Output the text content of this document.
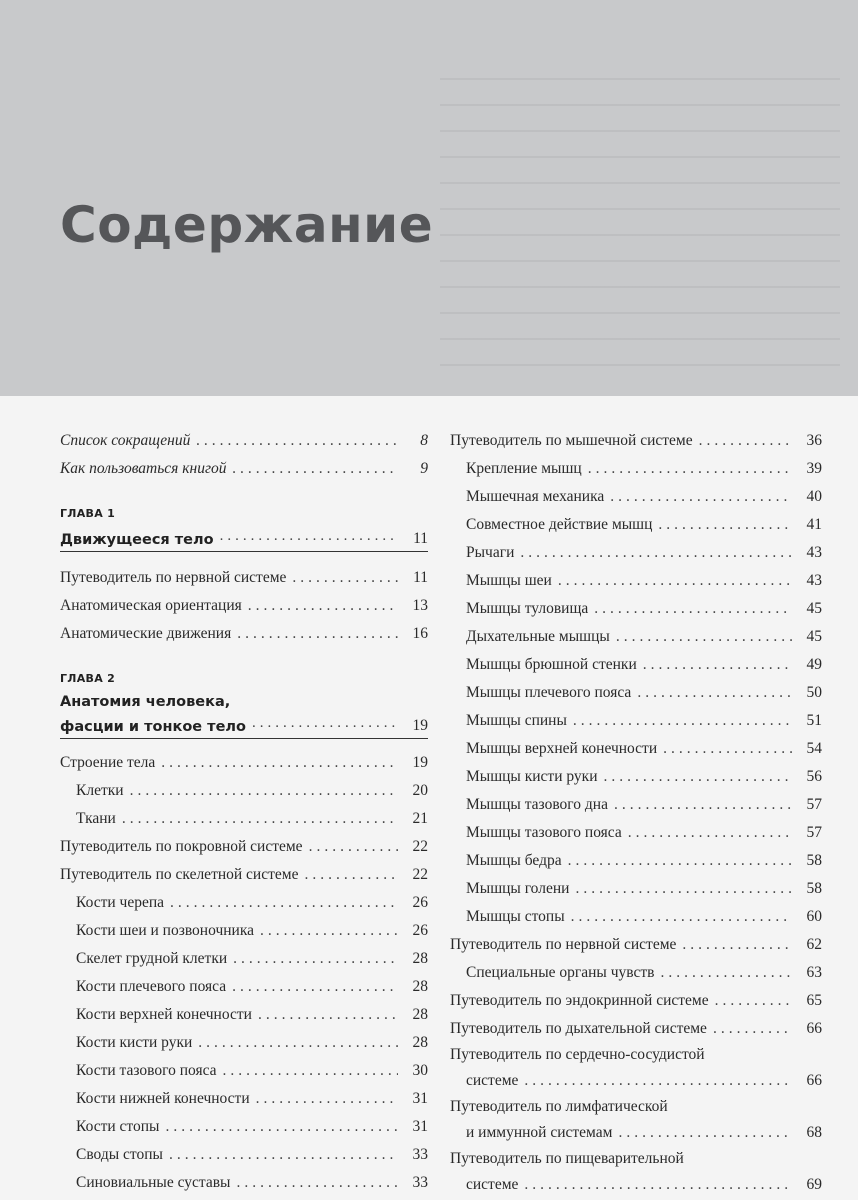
Содержание
Список сокращений .....	8
Как пользоваться книгой .....	9
ГЛАВА 1
Движущееся тело .....	11
Путеводитель по нервной системе .....	11
Анатомическая ориентация .....	13
Анатомические движения .....	16
ГЛАВА 2
Анатомия человека,
фасции и тонкое тело .....	19
Строение тела .....	19
Клетки .....	20
Ткани .....	21
Путеводитель по покровной системе .....	22
Путеводитель по скелетной системе .....	22
Кости черепа .....	26
Кости шеи и позвоночника .....	26
Скелет грудной клетки .....	28
Кости плечевого пояса .....	28
Кости верхней конечности .....	28
Кости кисти руки .....	28
Кости тазового пояса .....	30
Кости нижней конечности .....	31
Кости стопы .....	31
Своды стопы .....	33
Синовиальные суставы .....	33
Путеводитель по мышечной системе .....	36
Крепление мышц .....	39
Мышечная механика .....	40
Совместное действие мышц .....	41
Рычаги .....	43
Мышцы шеи .....	43
Мышцы туловища .....	45
Дыхательные мышцы .....	45
Мышцы брюшной стенки .....	49
Мышцы плечевого пояса .....	50
Мышцы спины .....	51
Мышцы верхней конечности .....	54
Мышцы кисти руки .....	56
Мышцы тазового дна .....	57
Мышцы тазового пояса .....	57
Мышцы бедра .....	58
Мышцы голени .....	58
Мышцы стопы .....	60
Путеводитель по нервной системе .....	62
Специальные органы чувств .....	63
Путеводитель по эндокринной системе .....	65
Путеводитель по дыхательной системе .....	66
Путеводитель по сердечно-сосудистой
системе .....	66
Путеводитель по лимфатической
и иммунной системам .....	68
Путеводитель по пищеварительной
системе .....	69
